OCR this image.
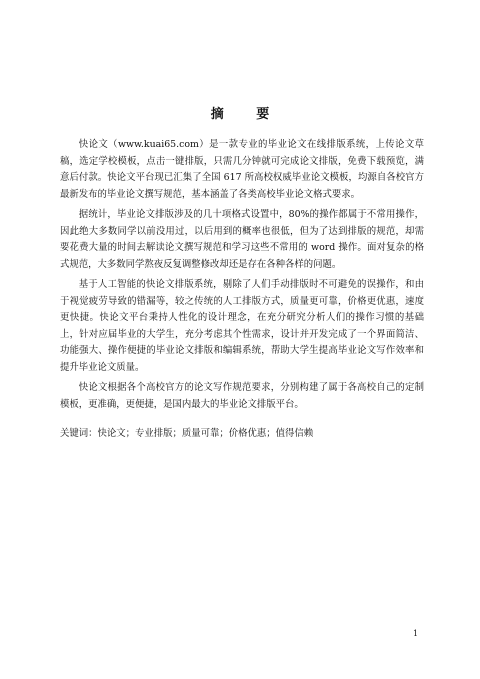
摘 要

快论文（www.kuai65.com）是一款专业的毕业论文在线排版系统，上传论文草稿，选定学校模板，点击一键排版，只需几分钟就可完成论文排版，免费下载预览，满意后付款。快论文平台现已汇集了全国 617 所高校权威毕业论文模板，均源自各校官方最新发布的毕业论文撰写规范，基本涵盖了各类高校毕业论文格式要求。

据统计，毕业论文排版涉及的几十项格式设置中，80%的操作都属于不常用操作，因此绝大多数同学以前没用过，以后用到的概率也很低，但为了达到排版的规范，却需要花费大量的时间去解读论文撰写规范和学习这些不常用的 word 操作。面对复杂的格式规范，大多数同学熬夜反复调整修改却还是存在各种各样的问题。

基于人工智能的快论文排版系统，剔除了人们手动排版时不可避免的误操作，和由于视觉疲劳导致的错漏等，较之传统的人工排版方式，质量更可靠，价格更优惠，速度更快捷。快论文平台秉持人性化的设计理念，在充分研究分析人们的操作习惯的基础上，针对应届毕业的大学生，充分考虑其个性需求，设计并开发完成了一个界面简洁、功能强大、操作便捷的毕业论文排版和编辑系统，帮助大学生提高毕业论文写作效率和提升毕业论文质量。

快论文根据各个高校官方的论文写作规范要求，分别构建了属于各高校自己的定制模板，更准确，更便捷，是国内最大的毕业论文排版平台。

关键词：快论文；专业排版；质量可靠；价格优惠；值得信赖
1
